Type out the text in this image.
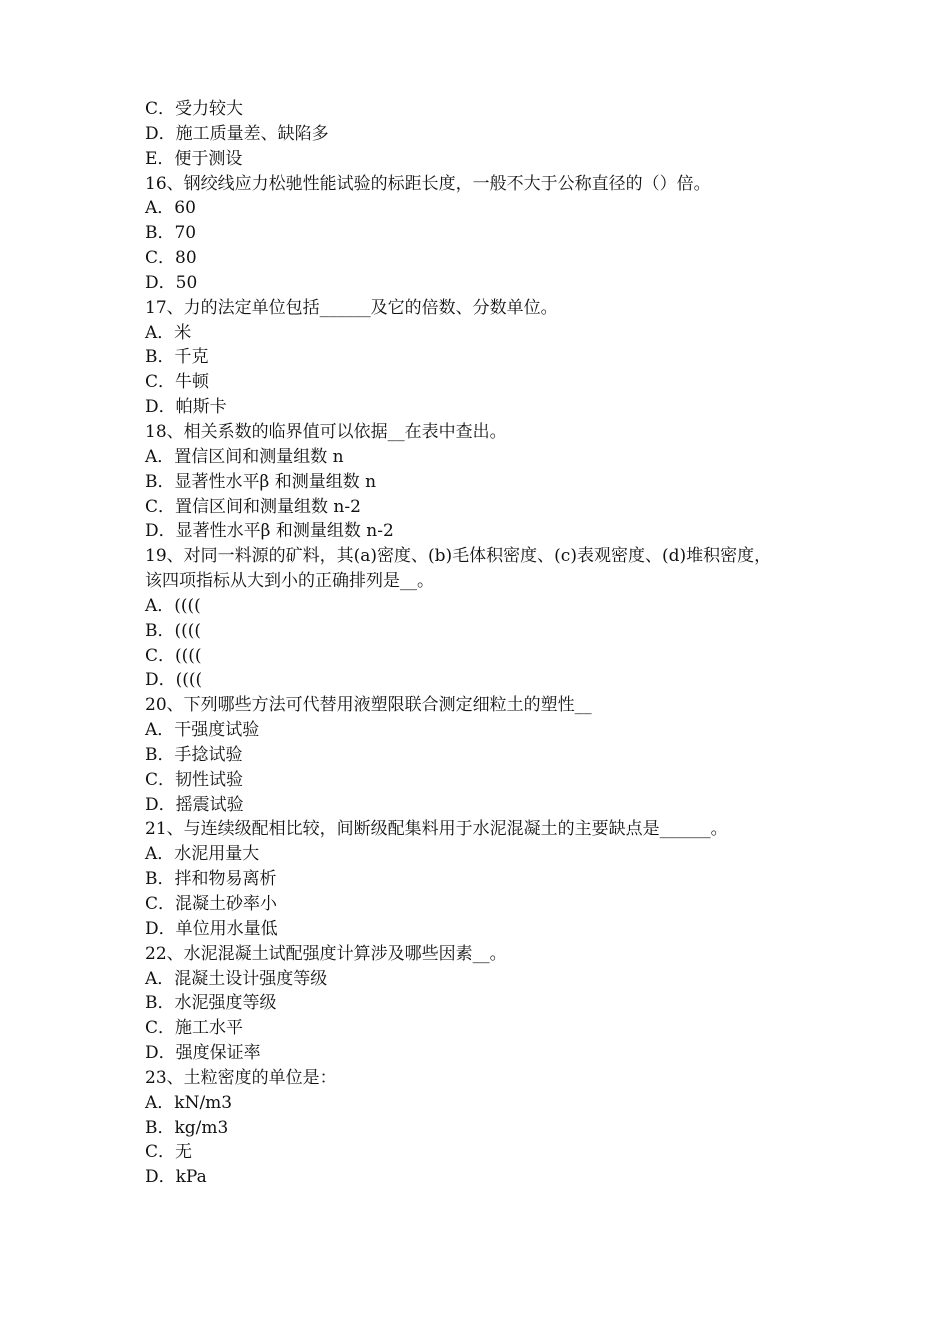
C．受力较大
D．施工质量差、缺陷多
E．便于测设
16、钢绞线应力松驰性能试验的标距长度，一般不大于公称直径的（）倍。
A．60
B．70
C．80
D．50
17、力的法定单位包括______及它的倍数、分数单位。
A．米
B．千克
C．牛顿
D．帕斯卡
18、相关系数的临界值可以依据__在表中查出。
A．置信区间和测量组数 n
B．显著性水平β 和测量组数 n
C．置信区间和测量组数 n-2
D．显著性水平β 和测量组数 n-2
19、对同一料源的矿料，其(a)密度、(b)毛体积密度、(c)表观密度、(d)堆积密度，
该四项指标从大到小的正确排列是__。
A．((((
B．((((
C．((((
D．((((
20、下列哪些方法可代替用液塑限联合测定细粒土的塑性__
A．干强度试验
B．手捻试验
C．韧性试验
D．摇震试验
21、与连续级配相比较，间断级配集料用于水泥混凝土的主要缺点是______。
A．水泥用量大
B．拌和物易离析
C．混凝土砂率小
D．单位用水量低
22、水泥混凝土试配强度计算涉及哪些因素__。
A．混凝土设计强度等级
B．水泥强度等级
C．施工水平
D．强度保证率
23、土粒密度的单位是：
A．kN/m3
B．kg/m3
C．无
D．kPa
